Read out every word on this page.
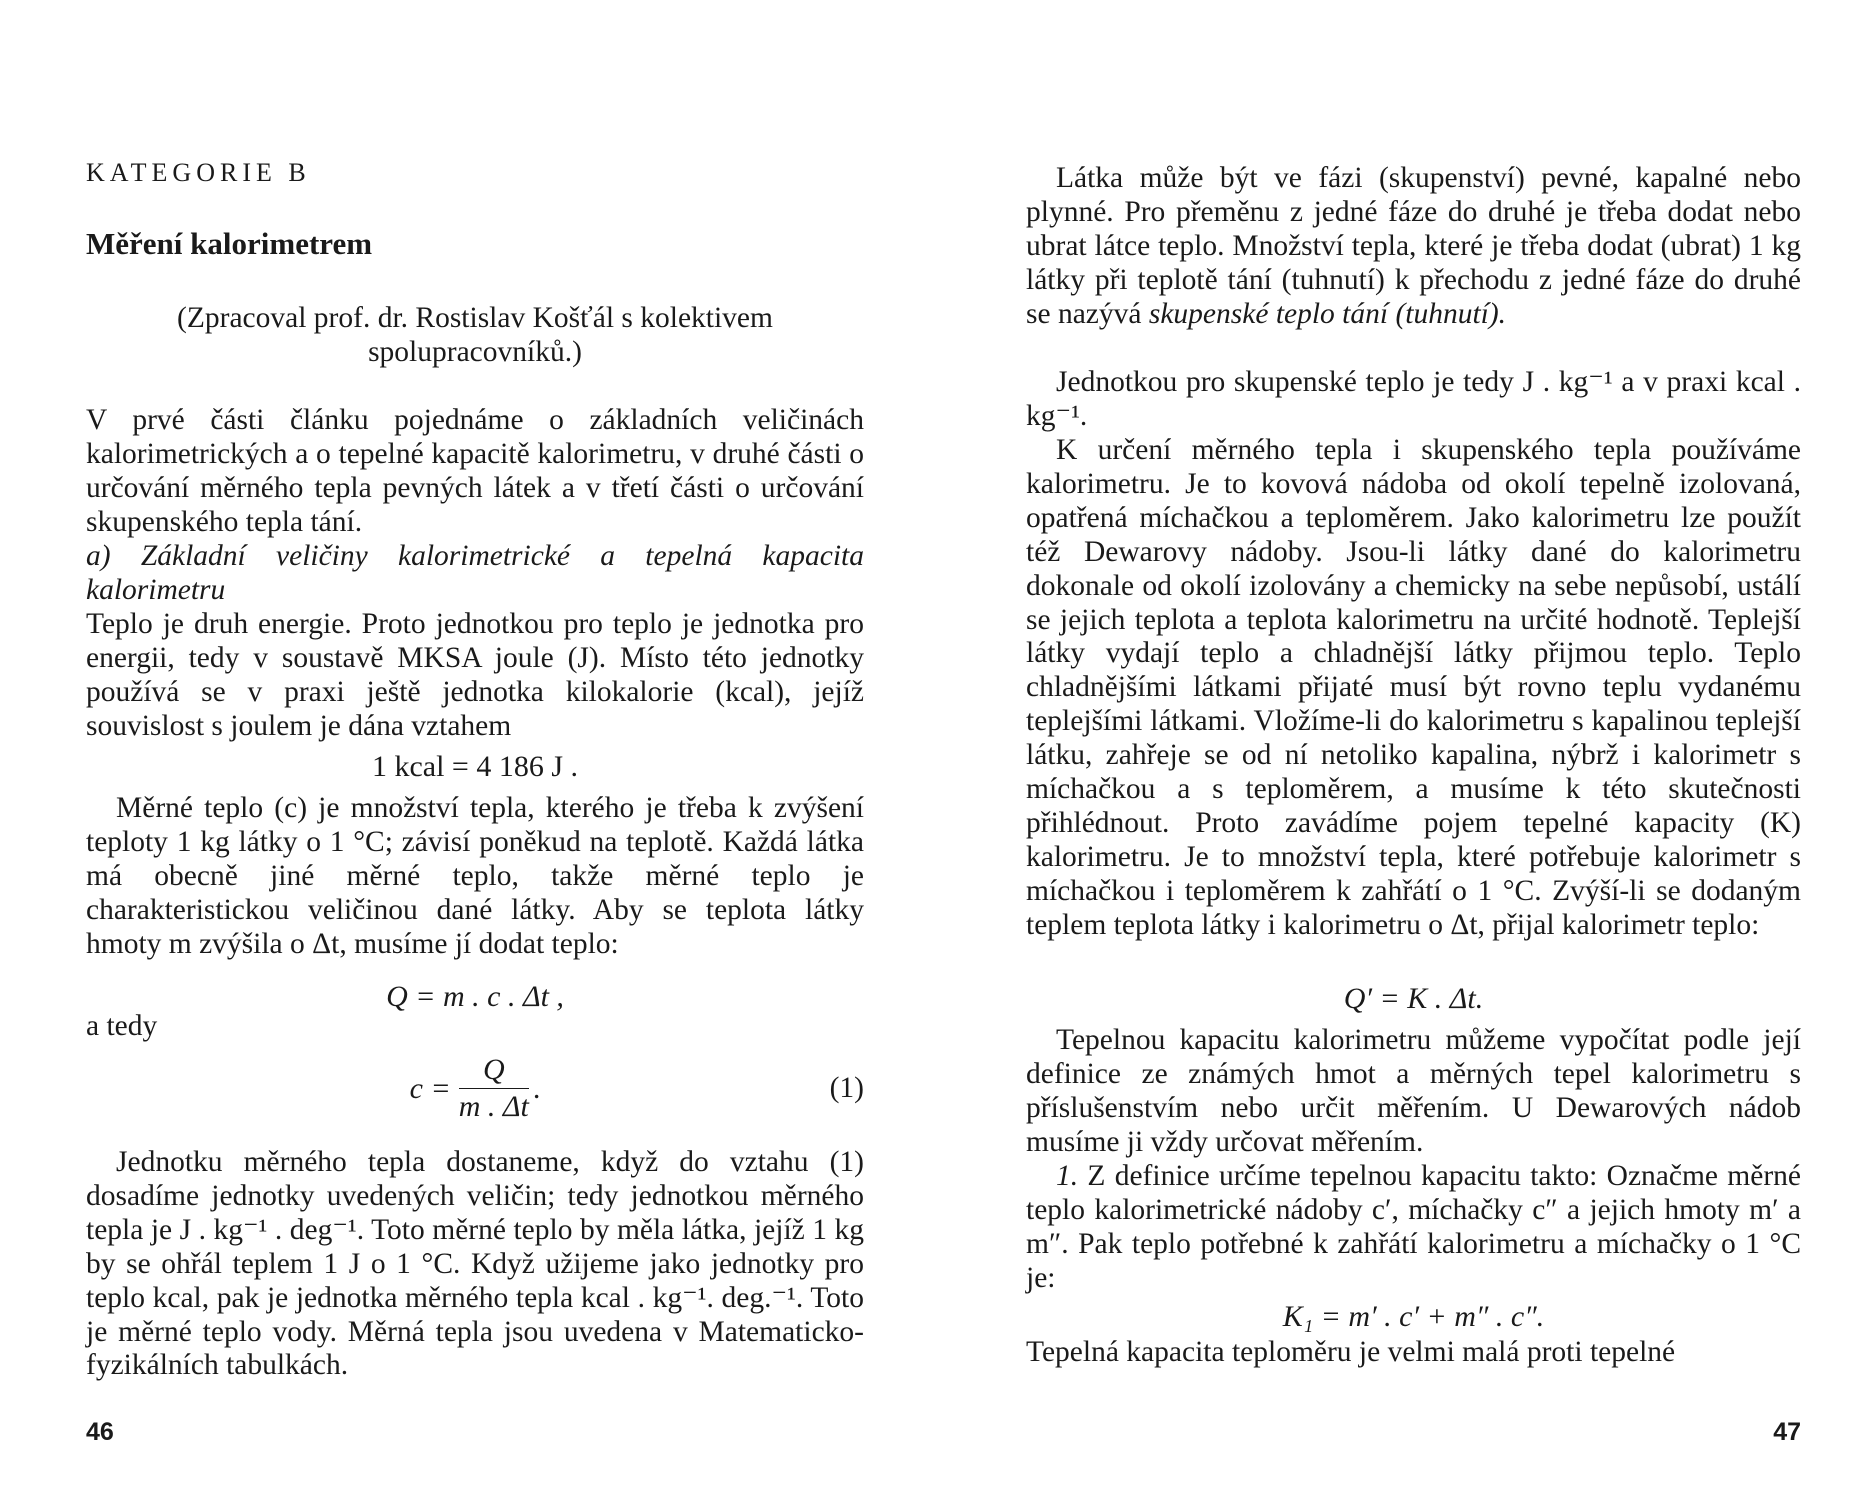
KATEGORIE B
Měření kalorimetrem

(Zpracoval prof. dr. Rostislav Košťál s kolektivem spolupracovníků.)

V prvé části článku pojednáme o základních veličinách kalorimetrických a o tepelné kapacitě kalorimetru, v druhé části o určování měrného tepla pevných látek a v třetí části o určování skupenského tepla tání.

a) Základní veličiny kalorimetrické a tepelná kapacita kalorimetru

Teplo je druh energie. Proto jednotkou pro teplo je jednotka pro energii, tedy v soustavě MKSA joule (J). Místo této jednotky používá se v praxi ještě jednotka kilokalorie (kcal), jejíž souvislost s joulem je dána vztahem

1 kcal = 4 186 J .

Měrné teplo (c) je množství tepla, kterého je třeba k zvýšení teploty 1 kg látky o 1 °C; závisí poněkud na teplotě. Každá látka má obecně jiné měrné teplo, takže měrné teplo je charakteristickou veličinou dané látky. Aby se teplota látky hmoty m zvýšila o Δt, musíme jí dodat teplo:

Q = m . c . Δt ,

a tedy

$c = \frac{Q}{m . \Delta t}$ .	(1)

Jednotku měrného tepla dostaneme, když do vztahu (1) dosadíme jednotky uvedených veličin; tedy jednotkou měrného tepla je J . kg⁻¹ . deg⁻¹. Toto měrné teplo by měla látka, jejíž 1 kg by se ohřál teplem 1 J o 1 °C. Když užijeme jako jednotky pro teplo kcal, pak je jednotka měrného tepla kcal . kg⁻¹. deg.⁻¹. Toto je měrné teplo vody. Měrná tepla jsou uvedena v Matematicko-fyzikálních tabulkách.

46

Látka může být ve fázi (skupenství) pevné, kapalné nebo plynné. Pro přeměnu z jedné fáze do druhé je třeba dodat nebo ubrat látce teplo. Množství tepla, které je třeba dodat (ubrat) 1 kg látky při teplotě tání (tuhnutí) k přechodu z jedné fáze do druhé se nazývá skupenské teplo tání (tuhnutí).

Jednotkou pro skupenské teplo je tedy J . kg⁻¹ a v praxi kcal . kg⁻¹.

K určení měrného tepla i skupenského tepla používáme kalorimetru. Je to kovová nádoba od okolí tepelně izolovaná, opatřená míchačkou a teploměrem. Jako kalorimetru lze použít též Dewarovy nádoby. Jsou-li látky dané do kalorimetru dokonale od okolí izolovány a chemicky na sebe nepůsobí, ustálí se jejich teplota a teplota kalorimetru na určité hodnotě. Teplejší látky vydají teplo a chladnější látky přijmou teplo. Teplo chladnějšími látkami přijaté musí být rovno teplu vydanému teplejšími látkami. Vložíme-li do kalorimetru s kapalinou teplejší látku, zahřeje se od ní netoliko kapalina, nýbrž i kalorimetr s míchačkou a s teploměrem, a musíme k této skutečnosti přihlédnout. Proto zavádíme pojem tepelné kapacity (K) kalorimetru. Je to množství tepla, které potřebuje kalorimetr s míchačkou i teploměrem k zahřátí o 1 °C. Zvýší-li se dodaným teplem teplota látky i kalorimetru o Δt, přijal kalorimetr teplo:

Q′ = K . Δt.

Tepelnou kapacitu kalorimetru můžeme vypočítat podle její definice ze známých hmot a měrných tepel kalorimetru s příslušenstvím nebo určit měřením. U Dewarových nádob musíme ji vždy určovat měřením.

1. Z definice určíme tepelnou kapacitu takto: Označme měrné teplo kalorimetrické nádoby c′, míchačky c″ a jejich hmoty m′ a m″. Pak teplo potřebné k zahřátí kalorimetru a míchačky o 1 °C je:

K₁ = m′ . c′ + m″ . c″.

Tepelná kapacita teploměru je velmi malá proti tepelné

47
